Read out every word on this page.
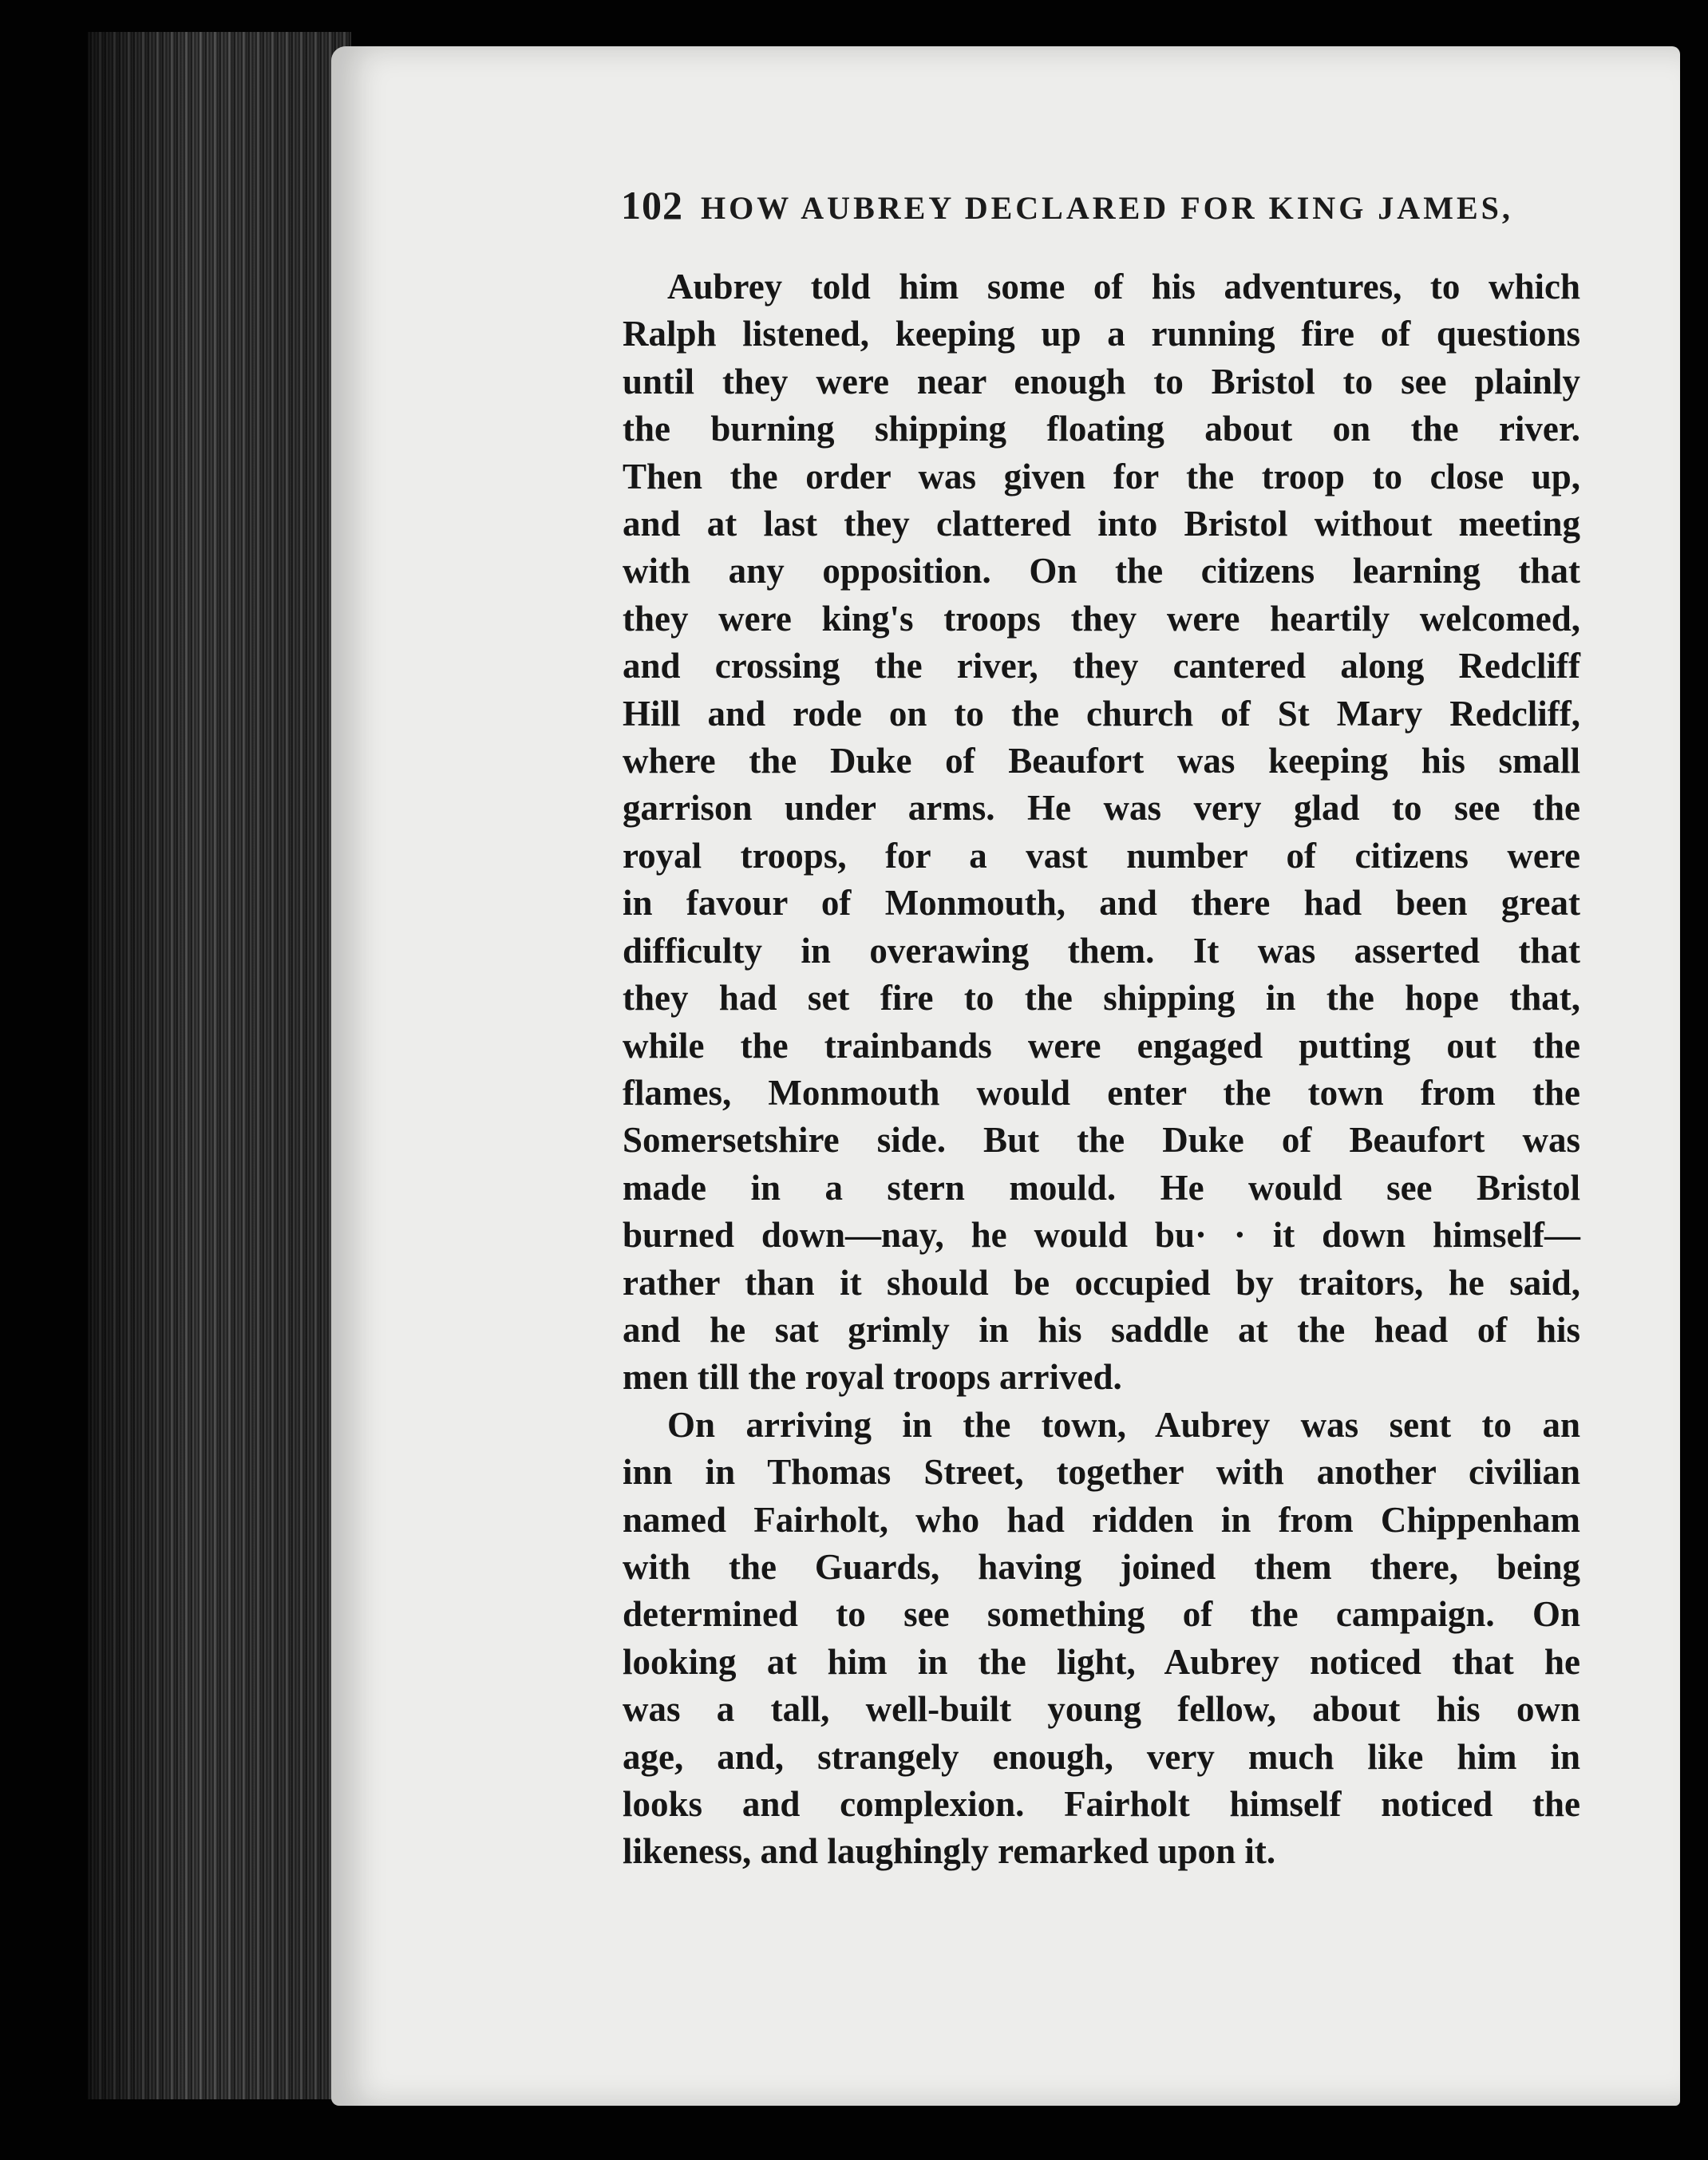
102 HOW AUBREY DECLARED FOR KING JAMES,

Aubrey told him some of his adventures, to which
Ralph listened, keeping up a running fire of questions
until they were near enough to Bristol to see plainly
the burning shipping floating about on the river.
Then the order was given for the troop to close up,
and at last they clattered into Bristol without meeting
with any opposition. On the citizens learning that
they were king's troops they were heartily welcomed,
and crossing the river, they cantered along Redcliff
Hill and rode on to the church of St Mary Redcliff,
where the Duke of Beaufort was keeping his small
garrison under arms. He was very glad to see the
royal troops, for a vast number of citizens were
in favour of Monmouth, and there had been great
difficulty in overawing them. It was asserted that
they had set fire to the shipping in the hope that,
while the trainbands were engaged putting out the
flames, Monmouth would enter the town from the
Somersetshire side. But the Duke of Beaufort was
made in a stern mould. He would see Bristol
burned down—nay, he would bu· · it down himself—
rather than it should be occupied by traitors, he said,
and he sat grimly in his saddle at the head of his
men till the royal troops arrived.

On arriving in the town, Aubrey was sent to an
inn in Thomas Street, together with another civilian
named Fairholt, who had ridden in from Chippenham
with the Guards, having joined them there, being
determined to see something of the campaign. On
looking at him in the light, Aubrey noticed that he
was a tall, well-built young fellow, about his own
age, and, strangely enough, very much like him in
looks and complexion. Fairholt himself noticed the
likeness, and laughingly remarked upon it.
